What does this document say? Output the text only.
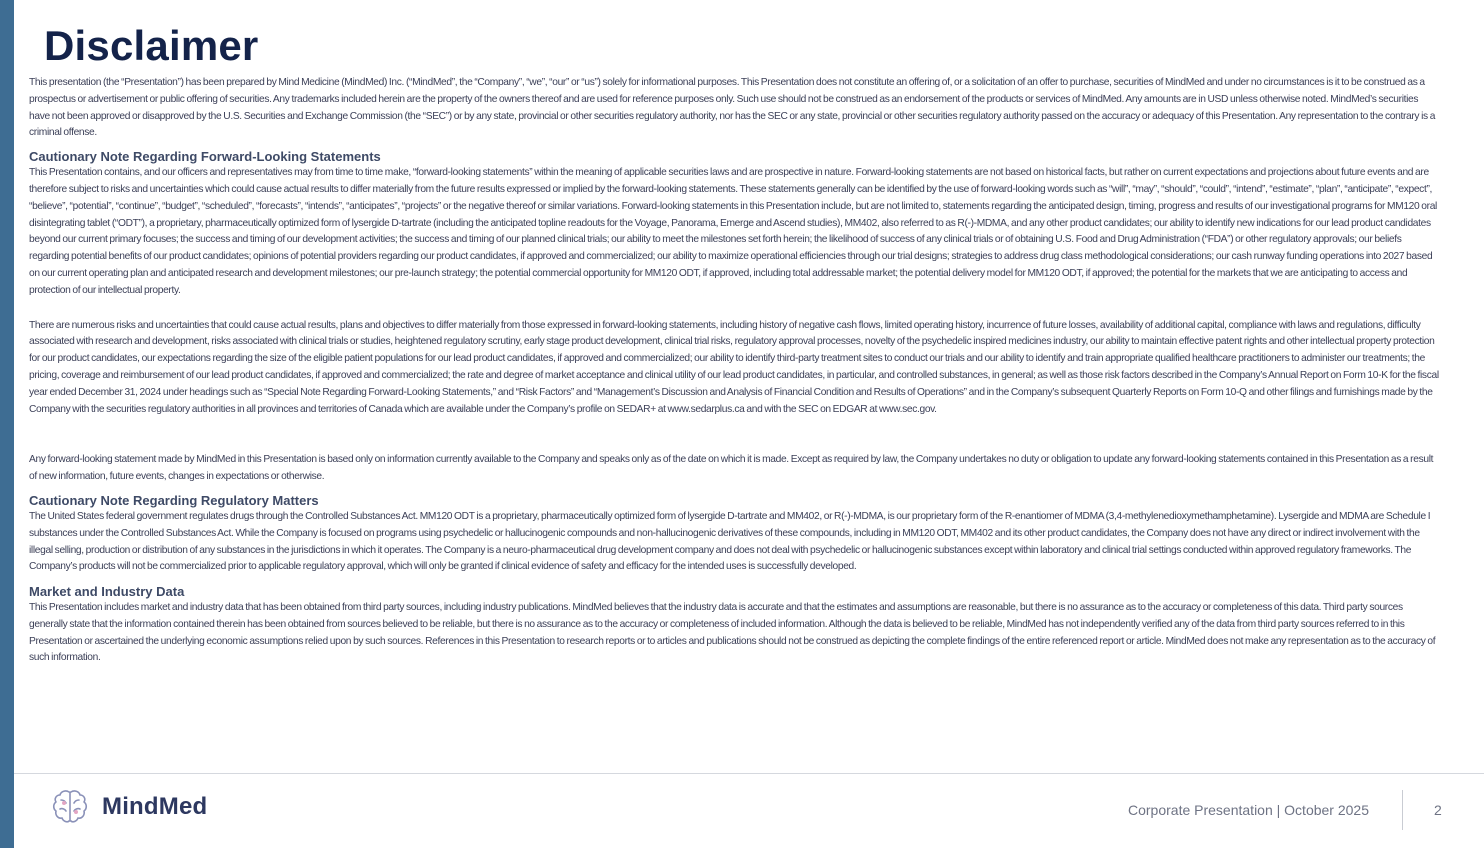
Disclaimer

This presentation (the “Presentation”) has been prepared by Mind Medicine (MindMed) Inc. (“MindMed”, the “Company”, “we”, “our” or “us”) solely for informational purposes. This Presentation does not constitute an offering of, or a solicitation of an offer to purchase, securities of MindMed and under no circumstances is it to be construed as a prospectus or advertisement or public offering of securities. Any trademarks included herein are the property of the owners thereof and are used for reference purposes only. Such use should not be construed as an endorsement of the products or services of MindMed. Any amounts are in USD unless otherwise noted. MindMed’s securities have not been approved or disapproved by the U.S. Securities and Exchange Commission (the “SEC”) or by any state, provincial or other securities regulatory authority, nor has the SEC or any state, provincial or other securities regulatory authority passed on the accuracy or adequacy of this Presentation. Any representation to the contrary is a criminal offense.

Cautionary Note Regarding Forward-Looking Statements

This Presentation contains, and our officers and representatives may from time to time make, “forward-looking statements” within the meaning of applicable securities laws and are prospective in nature. Forward-looking statements are not based on historical facts, but rather on current expectations and projections about future events and are therefore subject to risks and uncertainties which could cause actual results to differ materially from the future results expressed or implied by the forward-looking statements. These statements generally can be identified by the use of forward-looking words such as “will”, “may”, “should”, “could”, “intend”, “estimate”, “plan”, “anticipate”, “expect”, “believe”, “potential”, “continue”, “budget”, “scheduled”, “forecasts”, “intends”, “anticipates”, “projects” or the negative thereof or similar variations. Forward-looking statements in this Presentation include, but are not limited to, statements regarding the anticipated design, timing, progress and results of our investigational programs for MM120 oral disintegrating tablet (“ODT”), a proprietary, pharmaceutically optimized form of lysergide D-tartrate (including the anticipated topline readouts for the Voyage, Panorama, Emerge and Ascend studies), MM402, also referred to as R(-)-MDMA, and any other product candidates; our ability to identify new indications for our lead product candidates beyond our current primary focuses; the success and timing of our development activities; the success and timing of our planned clinical trials; our ability to meet the milestones set forth herein; the likelihood of success of any clinical trials or of obtaining U.S. Food and Drug Administration (“FDA”) or other regulatory approvals; our beliefs regarding potential benefits of our product candidates; opinions of potential providers regarding our product candidates, if approved and commercialized; our ability to maximize operational efficiencies through our trial designs; strategies to address drug class methodological considerations; our cash runway funding operations into 2027 based on our current operating plan and anticipated research and development milestones; our pre-launch strategy; the potential commercial opportunity for MM120 ODT, if approved, including total addressable market; the potential delivery model for MM120 ODT, if approved; the potential for the markets that we are anticipating to access and protection of our intellectual property.

There are numerous risks and uncertainties that could cause actual results, plans and objectives to differ materially from those expressed in forward-looking statements, including history of negative cash flows, limited operating history, incurrence of future losses, availability of additional capital, compliance with laws and regulations, difficulty associated with research and development, risks associated with clinical trials or studies, heightened regulatory scrutiny, early stage product development, clinical trial risks, regulatory approval processes, novelty of the psychedelic inspired medicines industry, our ability to maintain effective patent rights and other intellectual property protection for our product candidates, our expectations regarding the size of the eligible patient populations for our lead product candidates, if approved and commercialized; our ability to identify third-party treatment sites to conduct our trials and our ability to identify and train appropriate qualified healthcare practitioners to administer our treatments; the pricing, coverage and reimbursement of our lead product candidates, if approved and commercialized; the rate and degree of market acceptance and clinical utility of our lead product candidates, in particular, and controlled substances, in general; as well as those risk factors described in the Company’s Annual Report on Form 10-K for the fiscal year ended December 31, 2024 under headings such as “Special Note Regarding Forward-Looking Statements,” and “Risk Factors” and “Management’s Discussion and Analysis of Financial Condition and Results of Operations” and in the Company’s subsequent Quarterly Reports on Form 10-Q and other filings and furnishings made by the Company with the securities regulatory authorities in all provinces and territories of Canada which are available under the Company’s profile on SEDAR+ at www.sedarplus.ca and with the SEC on EDGAR at www.sec.gov.

Any forward-looking statement made by MindMed in this Presentation is based only on information currently available to the Company and speaks only as of the date on which it is made. Except as required by law, the Company undertakes no duty or obligation to update any forward-looking statements contained in this Presentation as a result of new information, future events, changes in expectations or otherwise.

Cautionary Note Regarding Regulatory Matters

The United States federal government regulates drugs through the Controlled Substances Act. MM120 ODT is a proprietary, pharmaceutically optimized form of lysergide D-tartrate and MM402, or R(-)-MDMA, is our proprietary form of the R-enantiomer of MDMA (3,4-methylenedioxymethamphetamine). Lysergide and MDMA are Schedule I substances under the Controlled Substances Act. While the Company is focused on programs using psychedelic or hallucinogenic compounds and non-hallucinogenic derivatives of these compounds, including in MM120 ODT, MM402 and its other product candidates, the Company does not have any direct or indirect involvement with the illegal selling, production or distribution of any substances in the jurisdictions in which it operates. The Company is a neuro-pharmaceutical drug development company and does not deal with psychedelic or hallucinogenic substances except within laboratory and clinical trial settings conducted within approved regulatory frameworks. The Company’s products will not be commercialized prior to applicable regulatory approval, which will only be granted if clinical evidence of safety and efficacy for the intended uses is successfully developed.

Market and Industry Data

This Presentation includes market and industry data that has been obtained from third party sources, including industry publications. MindMed believes that the industry data is accurate and that the estimates and assumptions are reasonable, but there is no assurance as to the accuracy or completeness of this data. Third party sources generally state that the information contained therein has been obtained from sources believed to be reliable, but there is no assurance as to the accuracy or completeness of included information. Although the data is believed to be reliable, MindMed has not independently verified any of the data from third party sources referred to in this Presentation or ascertained the underlying economic assumptions relied upon by such sources. References in this Presentation to research reports or to articles and publications should not be construed as depicting the complete findings of the entire referenced report or article. MindMed does not make any representation as to the accuracy of such information.

MindMed	Corporate Presentation | October 2025	2
